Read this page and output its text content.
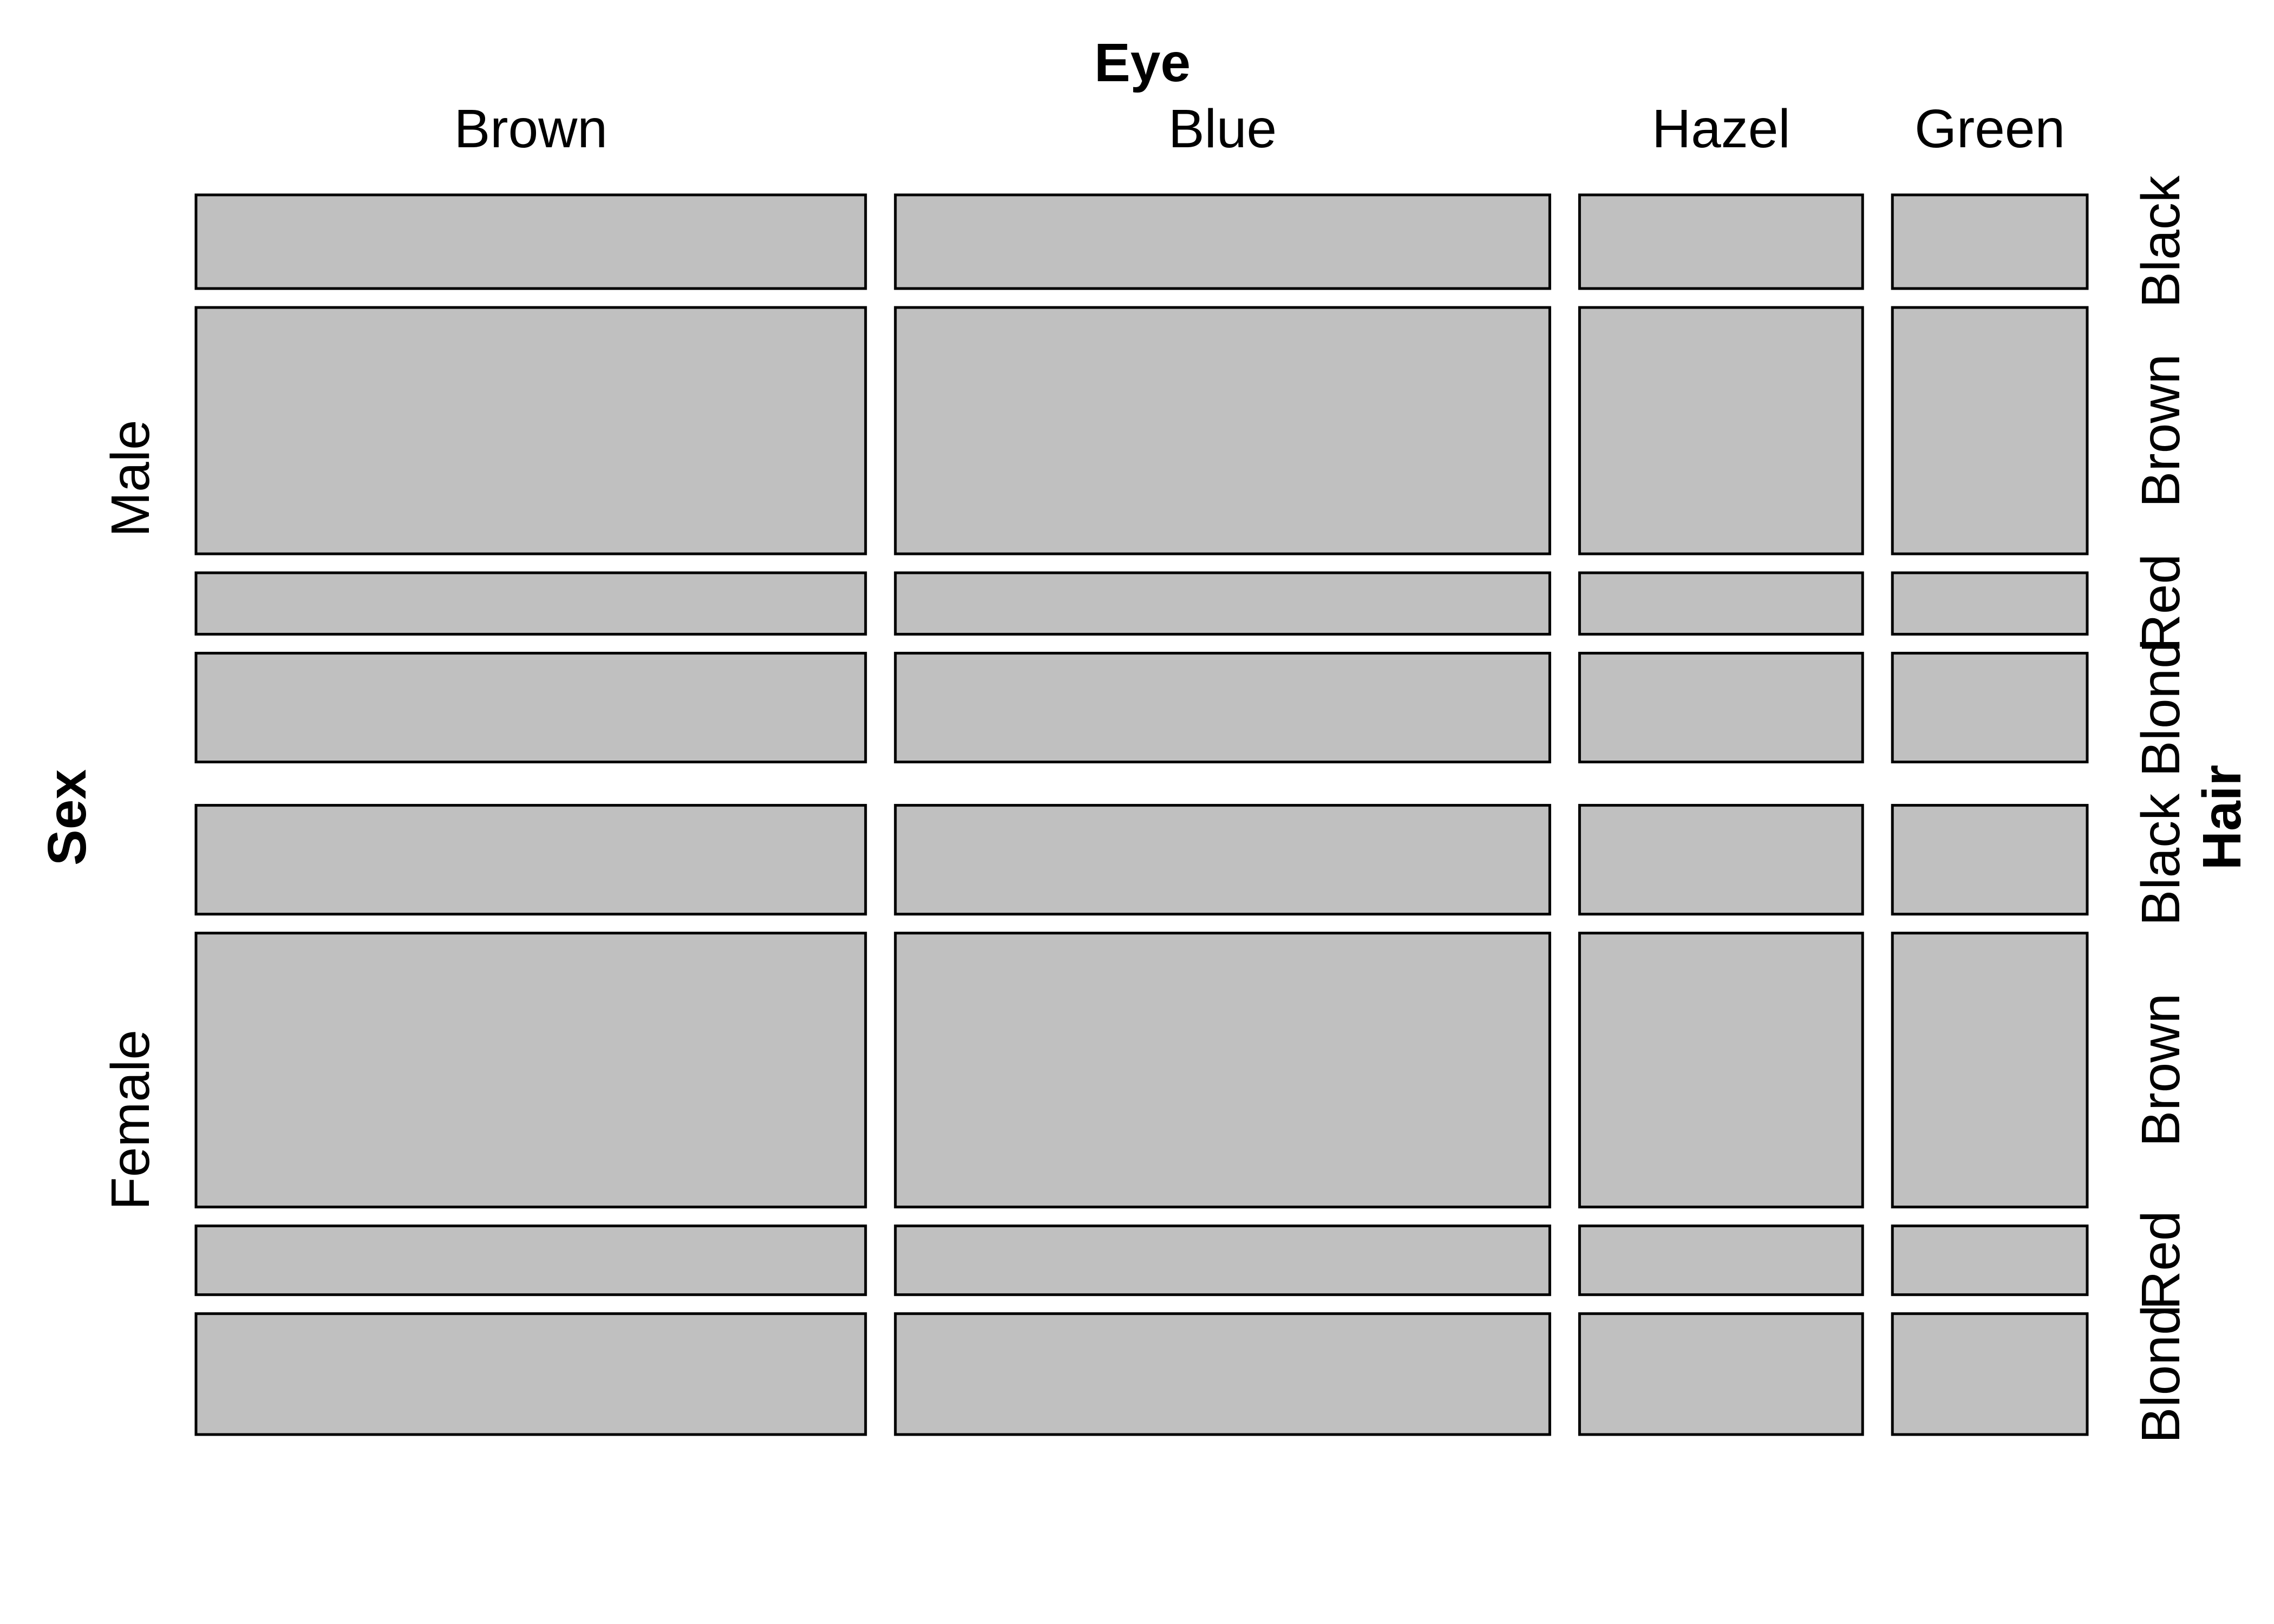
Eye
Sex	Hair
Brown	Blue	Hazel Green
Male
Female
Black
Brown
Red
Blond
Black
Brown
Red
Blond
